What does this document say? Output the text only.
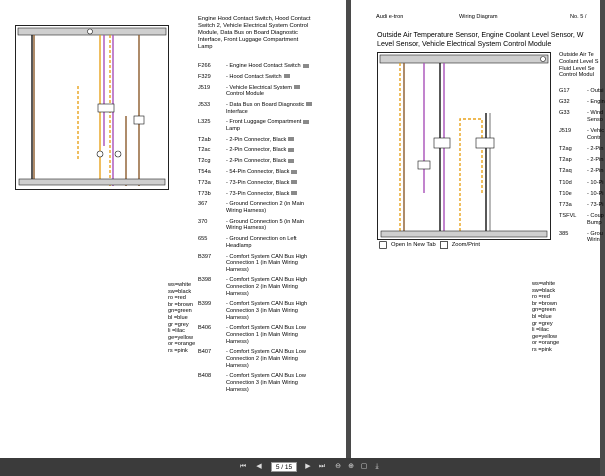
Engine Hood Contact Switch, Hood Contact
Switch 2, Vehicle Electrical System Control
Module, Data Bus on Board Diagnostic
Interface, Front Luggage Compartment
Lamp
F266	- Engine Hood Contact Switch
F329	- Hood Contact Switch
J519	- Vehicle Electrical System
Control Module
J533	- Data Bus on Board Diagnostic
Interface
L325	- Front Luggage Compartment
Lamp
T2ab	- 2-Pin Connector, Black
T2ac	- 2-Pin Connector, Black
T2cg	- 2-Pin Connector, Black
T54a	- 54-Pin Connector, Black
T73a	- 73-Pin Connector, Black
T73b	- 73-Pin Connector, Black
367	- Ground Connection 2 (in Main
Wiring Harness)
370	- Ground Connection 5 (in Main
Wiring Harness)
655	- Ground Connection on Left
Headlamp
B397	- Comfort System CAN Bus High
Connection 1 (in Main Wiring
Harness)
B398	- Comfort System CAN Bus High
Connection 2 (in Main Wiring
Harness)
B399	- Comfort System CAN Bus High
Connection 3 (in Main Wiring
Harness)
B406	- Comfort System CAN Bus Low
Connection 1 (in Main Wiring
Harness)
B407	- Comfort System CAN Bus Low
Connection 2 (in Main Wiring
Harness)
B408	- Comfort System CAN Bus Low
Connection 3 (in Main Wiring
Harness)
ws=white
sw=black
ro =red
br =brown
gn=green
bl =blue
gr =grey
li =lilac
ge=yellow
or =orange
rs =pink
Audi e-tron	Wiring Diagram	No. 5 /
Outside Air Temperature Sensor, Engine Coolant Level Sensor, W
Level Sensor, Vehicle Electrical System Control Module
Open In New Tab	Zoom/Print
Outside Air Te
Coolant Level S
Fluid Level Se
Control Modul
G17	- Outsi
G32	- Engin
G33	- Wind
Senso
J519	- Vehic
Contr
T2ag	- 2-Pin
T2ap	- 2-Pin
T2aq	- 2-Pin
T10d	- 10-Pi
T10e	- 10-Pi
T73a	- 73-Pi
TSFVL	- Coup
Bump
385	- Grou
Wirin
ws=white
sw=black
ro =red
br =brown
gn=green
bl =blue
gr =grey
li =lilac
ge=yellow
or =orange
rs =pink
⏮	◀	5 / 15	▶	⏭ ⊖ ⊕ ▢	⤓
